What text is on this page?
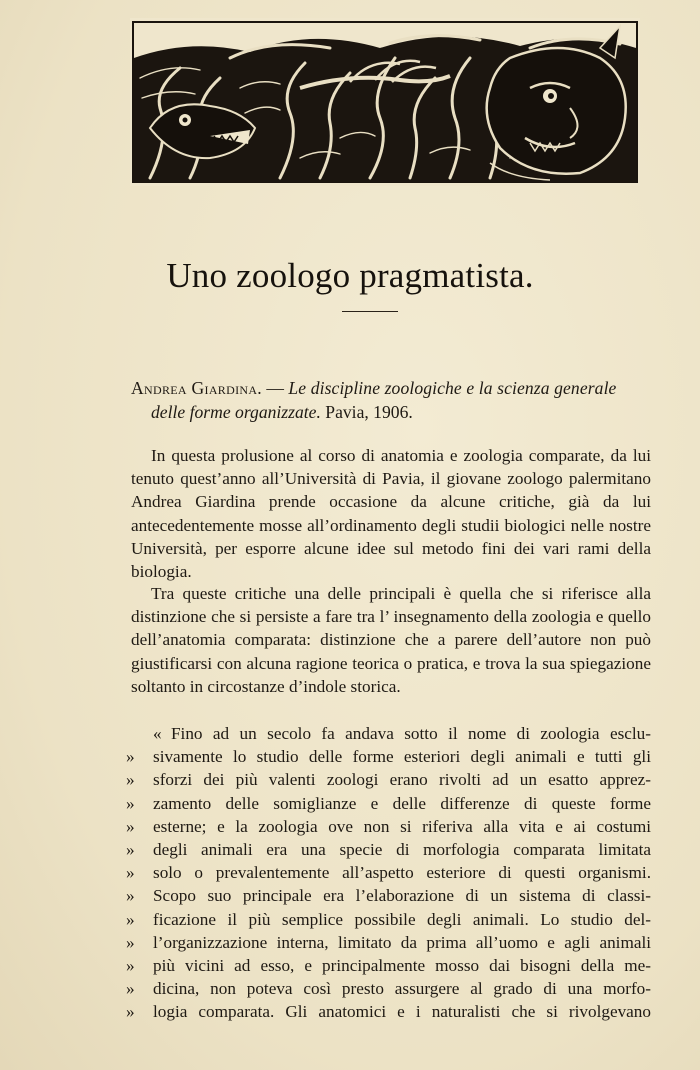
Uno zoologo pragmatista.
Andrea Giardina. — Le discipline zoologiche e la scienza generale
delle forme organizzate. Pavia, 1906.
In questa prolusione al corso di anatomia e zoologia comparate, da lui tenuto quest’anno all’Università di Pavia, il giovane zoologo palermitano Andrea Giardina prende occasione da alcune critiche, già da lui antecedentemente mosse all’ordinamento degli studii biologici nelle nostre Università, per esporre alcune idee sul metodo fini dei vari rami della biologia.
Tra queste critiche una delle principali è quella che si riferisce alla distinzione che si persiste a fare tra l’ insegnamento della zoologia e quello dell’anatomia comparata: distinzione che a parere dell’autore non può giustificarsi con alcuna ragione teorica o pratica, e trova la sua spiegazione soltanto in circostanze d’indole storica.
« Fino ad un secolo fa andava sotto il nome di zoologia esclu-
»	sivamente lo studio delle forme esteriori degli animali e tutti gli
»	sforzi dei più valenti zoologi erano rivolti ad un esatto apprez-
»	zamento delle somiglianze e delle differenze di queste forme
»	esterne; e la zoologia ove non si riferiva alla vita e ai costumi
»	degli animali era una specie di morfologia comparata limitata
»	solo o prevalentemente all’aspetto esteriore di questi organismi.
»	Scopo suo principale era l’elaborazione di un sistema di classi-
»	ficazione il più semplice possibile degli animali. Lo studio del-
»	l’organizzazione interna, limitato da prima all’uomo e agli animali
»	più vicini ad esso, e principalmente mosso dai bisogni della me-
»	dicina, non poteva così presto assurgere al grado di una morfo-
»	logia comparata. Gli anatomici e i naturalisti che si rivolgevano
